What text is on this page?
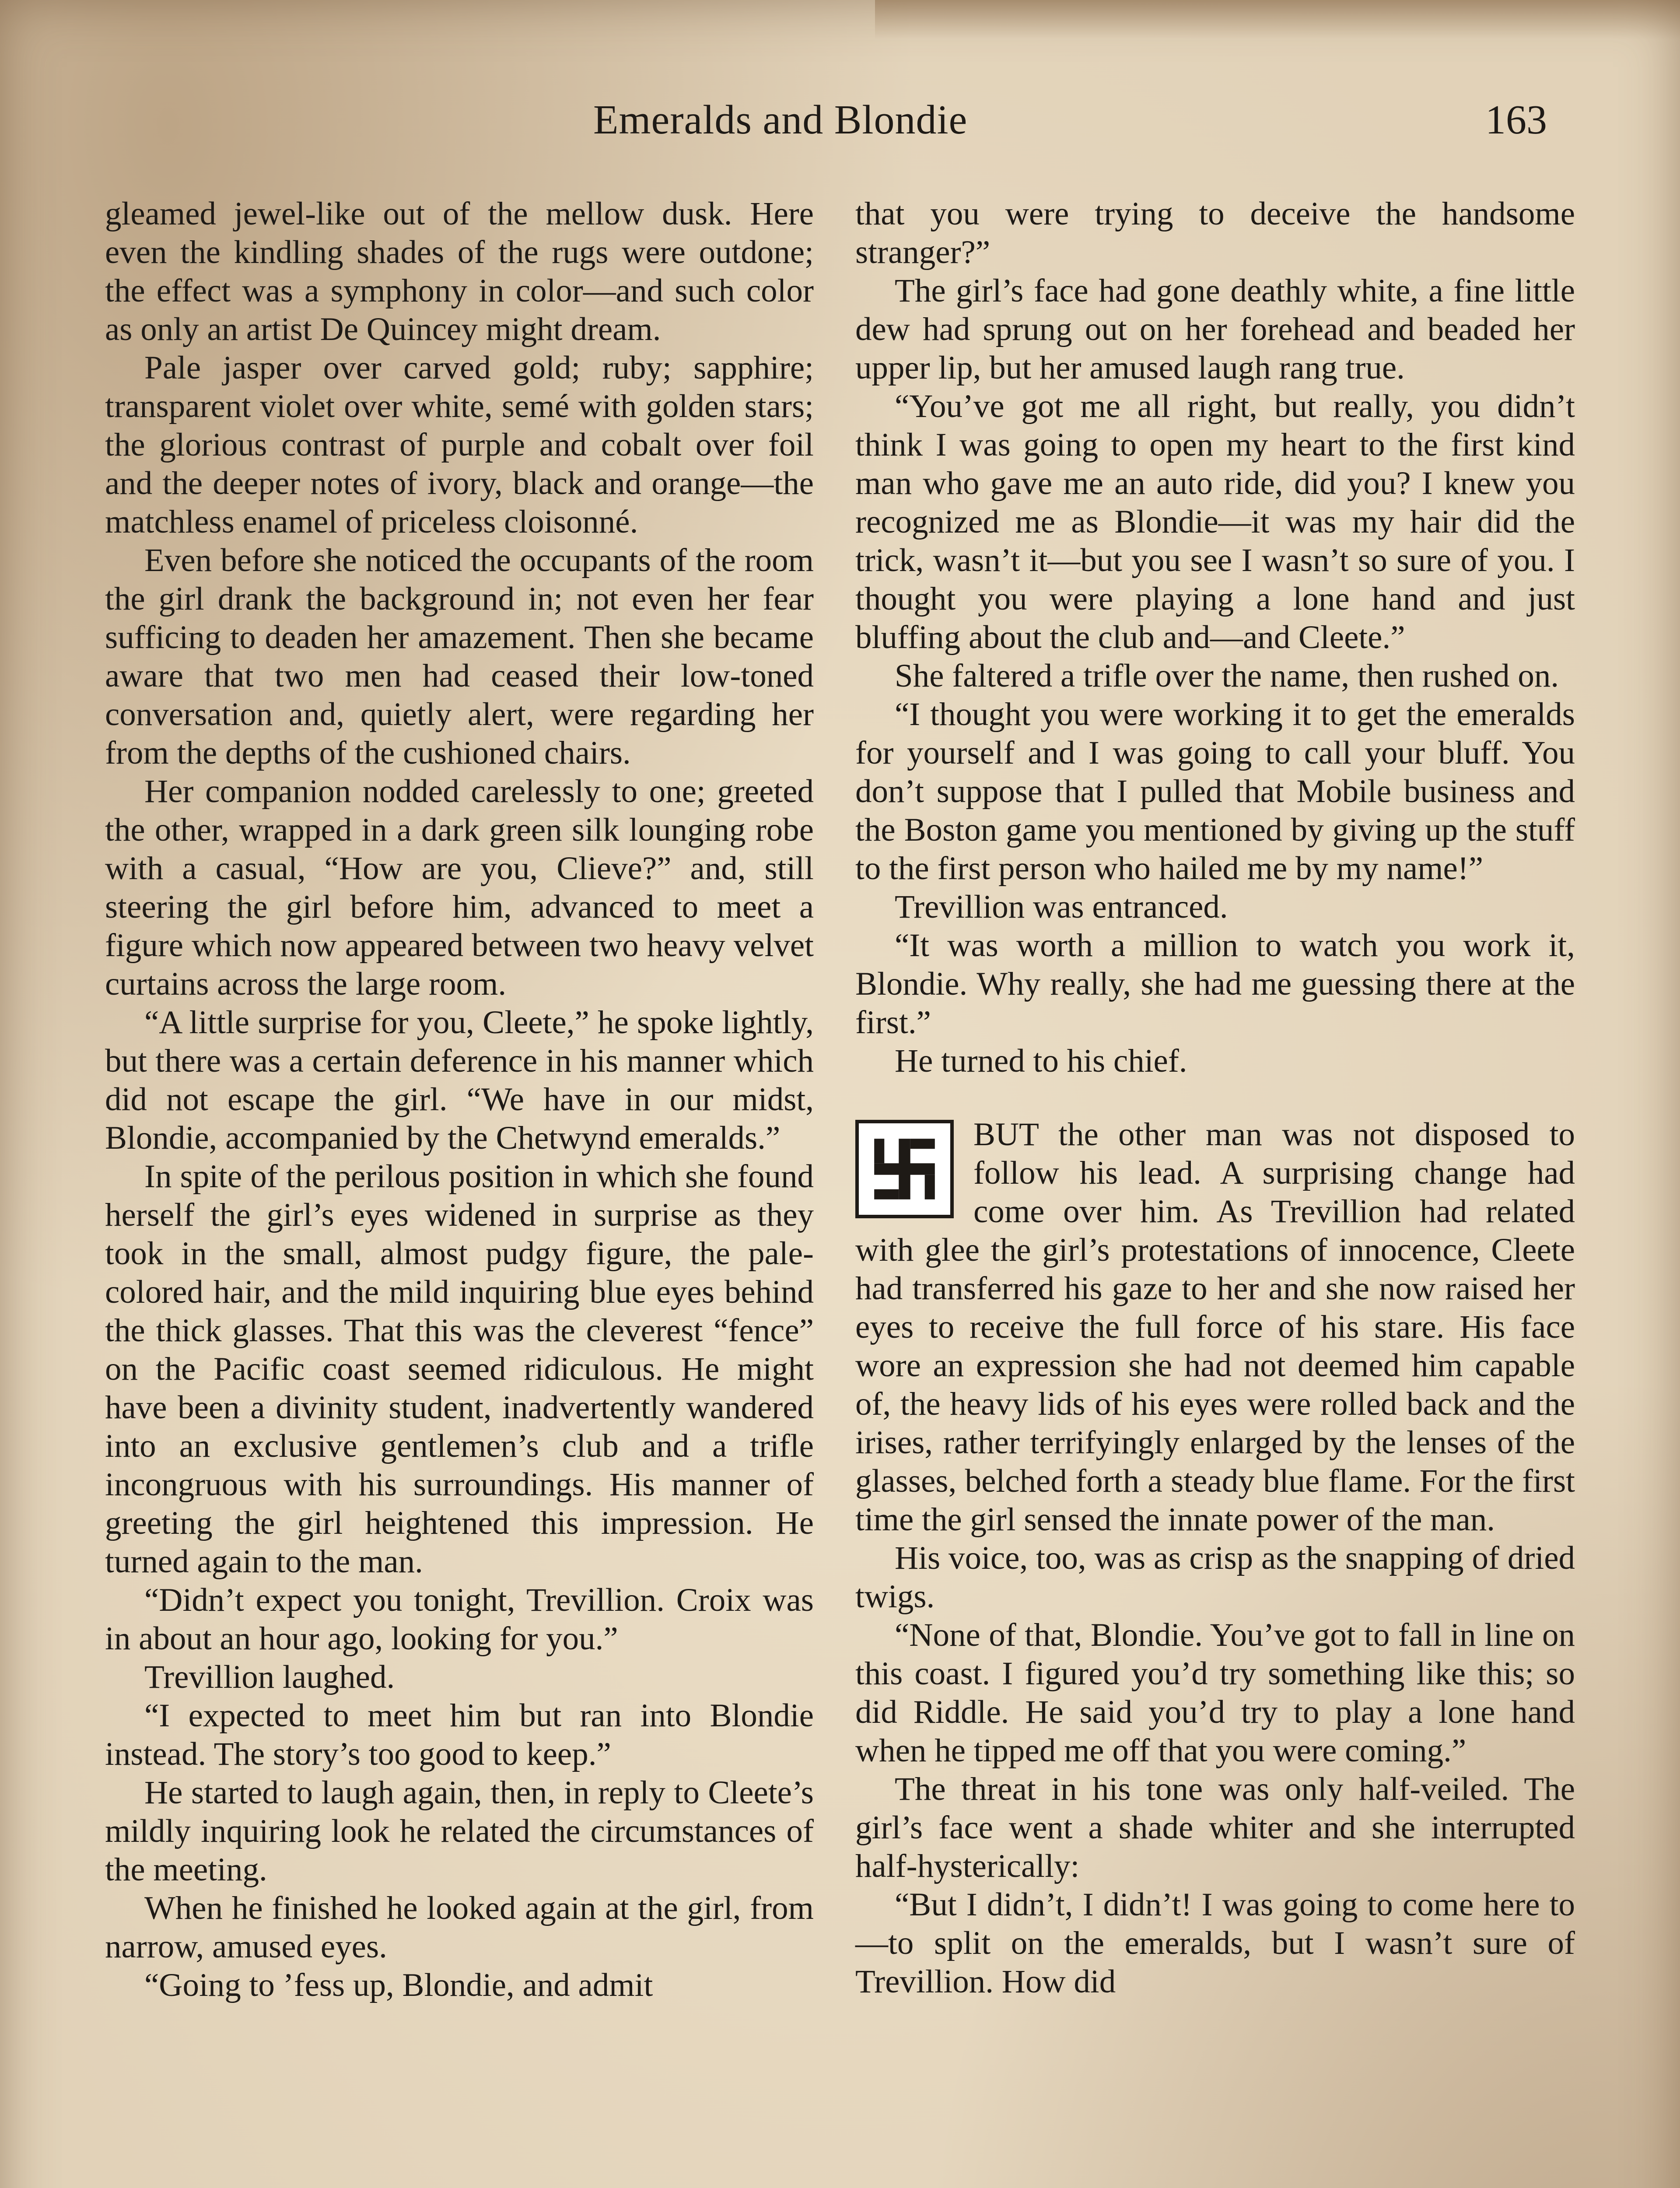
Emeralds and Blondie	163

gleamed jewel-like out of the mellow dusk. Here even the kindling shades of the rugs were outdone; the effect was a symphony in color—and such color as only an artist De Quincey might dream.

Pale jasper over carved gold; ruby; sapphire; transparent violet over white, semé with golden stars; the glorious contrast of purple and cobalt over foil and the deeper notes of ivory, black and orange—the matchless enamel of priceless cloisonné.

Even before she noticed the occupants of the room the girl drank the background in; not even her fear sufficing to deaden her amazement. Then she became aware that two men had ceased their low-toned conversation and, quietly alert, were regarding her from the depths of the cushioned chairs.

Her companion nodded carelessly to one; greeted the other, wrapped in a dark green silk lounging robe with a casual, “How are you, Clieve?” and, still steering the girl before him, advanced to meet a figure which now appeared between two heavy velvet curtains across the large room.

“A little surprise for you, Cleete,” he spoke lightly, but there was a certain deference in his manner which did not escape the girl. “We have in our midst, Blondie, accompanied by the Chetwynd emeralds.”

In spite of the perilous position in which she found herself the girl’s eyes widened in surprise as they took in the small, almost pudgy figure, the pale-colored hair, and the mild inquiring blue eyes behind the thick glasses. That this was the cleverest “fence” on the Pacific coast seemed ridiculous. He might have been a divinity student, inadvertently wandered into an exclusive gentlemen’s club and a trifle incongruous with his surroundings. His manner of greeting the girl heightened this impression. He turned again to the man.

“Didn’t expect you tonight, Trevillion. Croix was in about an hour ago, looking for you.”

Trevillion laughed.

“I expected to meet him but ran into Blondie instead. The story’s too good to keep.”

He started to laugh again, then, in reply to Cleete’s mildly inquiring look he related the circumstances of the meeting.

When he finished he looked again at the girl, from narrow, amused eyes.

“Going to ’fess up, Blondie, and admit

that you were trying to deceive the handsome stranger?”

The girl’s face had gone deathly white, a fine little dew had sprung out on her forehead and beaded her upper lip, but her amused laugh rang true.

“You’ve got me all right, but really, you didn’t think I was going to open my heart to the first kind man who gave me an auto ride, did you? I knew you recognized me as Blondie—it was my hair did the trick, wasn’t it—but you see I wasn’t so sure of you. I thought you were playing a lone hand and just bluffing about the club and—and Cleete.”

She faltered a trifle over the name, then rushed on.

“I thought you were working it to get the emeralds for yourself and I was going to call your bluff. You don’t suppose that I pulled that Mobile business and the Boston game you mentioned by giving up the stuff to the first person who hailed me by my name!”

Trevillion was entranced.

“It was worth a million to watch you work it, Blondie. Why really, she had me guessing there at the first.”

He turned to his chief.

BUT the other man was not disposed to follow his lead. A surprising change had come over him. As Trevillion had related with glee the girl’s protestations of innocence, Cleete had transferred his gaze to her and she now raised her eyes to receive the full force of his stare. His face wore an expression she had not deemed him capable of, the heavy lids of his eyes were rolled back and the irises, rather terrifyingly enlarged by the lenses of the glasses, belched forth a steady blue flame. For the first time the girl sensed the innate power of the man.

His voice, too, was as crisp as the snapping of dried twigs.

“None of that, Blondie. You’ve got to fall in line on this coast. I figured you’d try something like this; so did Riddle. He said you’d try to play a lone hand when he tipped me off that you were coming.”

The threat in his tone was only half-veiled. The girl’s face went a shade whiter and she interrupted half-hysterically:

“But I didn’t, I didn’t! I was going to come here to—to split on the emeralds, but I wasn’t sure of Trevillion. How did
